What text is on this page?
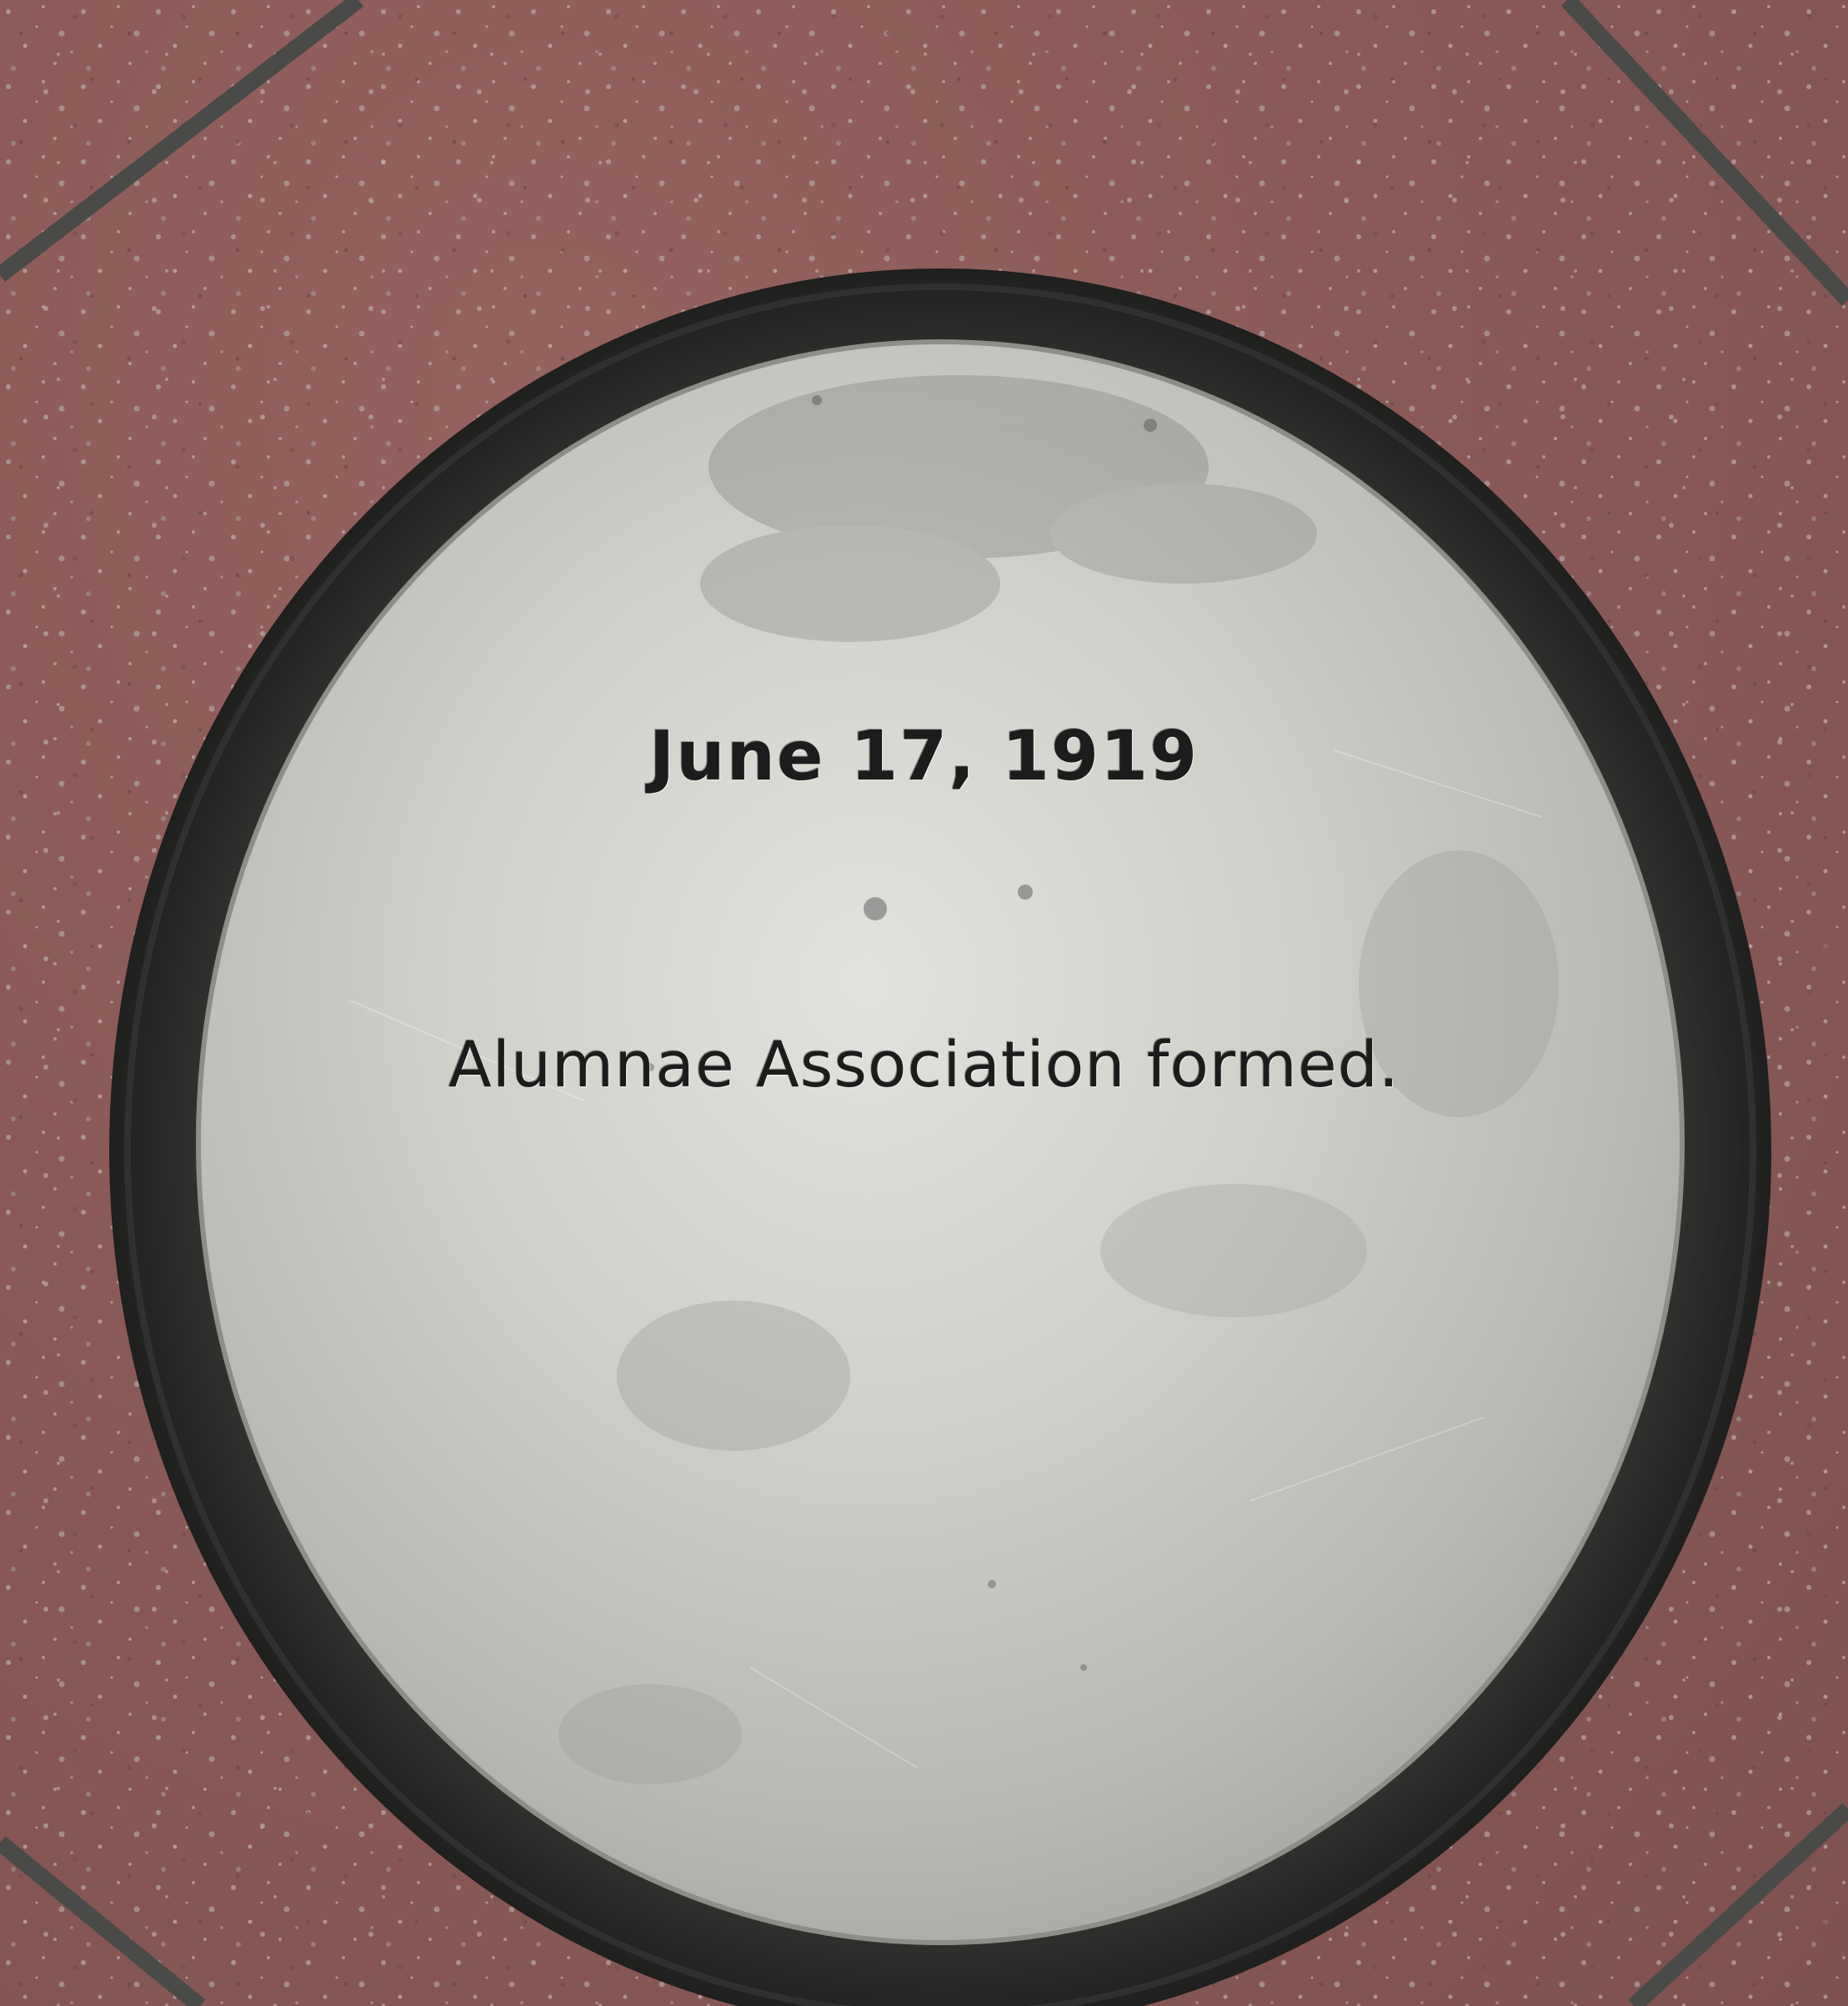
June 17, 1919
Alumnae Association formed.
